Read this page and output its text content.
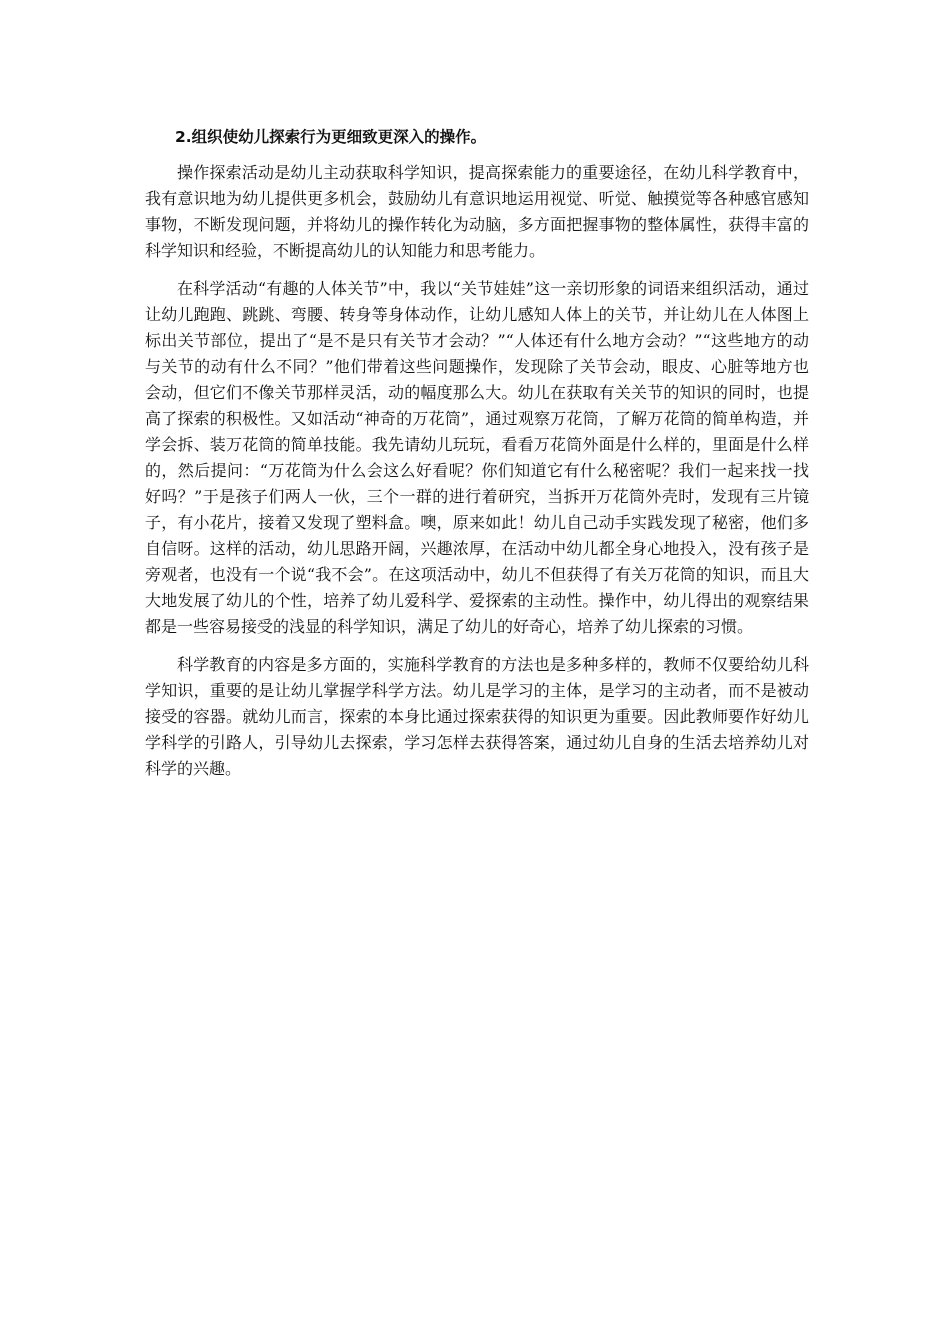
2.组织使幼儿探索行为更细致更深入的操作。

操作探索活动是幼儿主动获取科学知识，提高探索能力的重要途径，在幼儿科学教育中，我有意识地为幼儿提供更多机会，鼓励幼儿有意识地运用视觉、听觉、触摸觉等各种感官感知事物，不断发现问题，并将幼儿的操作转化为动脑，多方面把握事物的整体属性，获得丰富的科学知识和经验，不断提高幼儿的认知能力和思考能力。

在科学活动“有趣的人体关节”中，我以“关节娃娃”这一亲切形象的词语来组织活动，通过让幼儿跑跑、跳跳、弯腰、转身等身体动作，让幼儿感知人体上的关节，并让幼儿在人体图上标出关节部位，提出了“是不是只有关节才会动？”“人体还有什么地方会动？”“这些地方的动与关节的动有什么不同？”他们带着这些问题操作，发现除了关节会动，眼皮、心脏等地方也会动，但它们不像关节那样灵活，动的幅度那么大。幼儿在获取有关关节的知识的同时，也提高了探索的积极性。又如活动“神奇的万花筒”，通过观察万花筒，了解万花筒的简单构造，并学会拆、装万花筒的简单技能。我先请幼儿玩玩，看看万花筒外面是什么样的，里面是什么样的，然后提问：“万花筒为什么会这么好看呢？你们知道它有什么秘密呢？我们一起来找一找好吗？”于是孩子们两人一伙，三个一群的进行着研究，当拆开万花筒外壳时，发现有三片镜子，有小花片，接着又发现了塑料盒。噢，原来如此！幼儿自己动手实践发现了秘密，他们多自信呀。这样的活动，幼儿思路开阔，兴趣浓厚，在活动中幼儿都全身心地投入，没有孩子是旁观者，也没有一个说“我不会”。在这项活动中，幼儿不但获得了有关万花筒的知识，而且大大地发展了幼儿的个性，培养了幼儿爱科学、爱探索的主动性。操作中，幼儿得出的观察结果都是一些容易接受的浅显的科学知识，满足了幼儿的好奇心，培养了幼儿探索的习惯。

科学教育的内容是多方面的，实施科学教育的方法也是多种多样的，教师不仅要给幼儿科学知识，重要的是让幼儿掌握学科学方法。幼儿是学习的主体，是学习的主动者，而不是被动接受的容器。就幼儿而言，探索的本身比通过探索获得的知识更为重要。因此教师要作好幼儿学科学的引路人，引导幼儿去探索，学习怎样去获得答案，通过幼儿自身的生活去培养幼儿对科学的兴趣。
